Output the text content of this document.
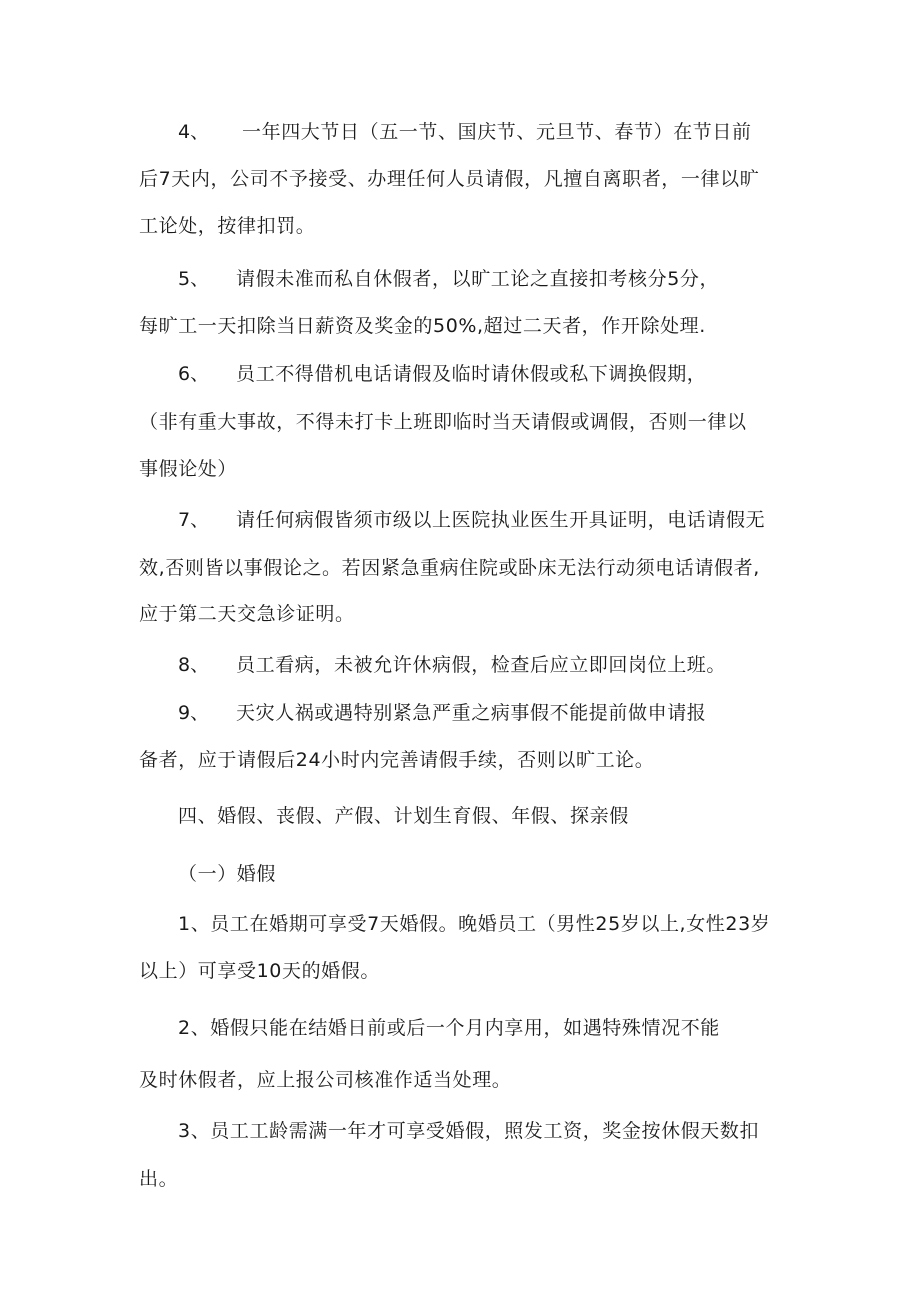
4、 一年四大节日（五一节、国庆节、元旦节、春节）在节日前
后7天内，公司不予接受、办理任何人员请假，凡擅自离职者，一律以旷
工论处，按律扣罚。
5、 请假未准而私自休假者，以旷工论之直接扣考核分5分，
每旷工一天扣除当日薪资及奖金的50%,超过二天者，作开除处理.
6、 员工不得借机电话请假及临时请休假或私下调换假期，
（非有重大事故，不得未打卡上班即临时当天请假或调假，否则一律以
事假论处）
7、 请任何病假皆须市级以上医院执业医生开具证明，电话请假无
效,否则皆以事假论之。若因紧急重病住院或卧床无法行动须电话请假者,
应于第二天交急诊证明。
8、 员工看病，未被允许休病假，检查后应立即回岗位上班。
9、 天灾人祸或遇特别紧急严重之病事假不能提前做申请报
备者，应于请假后24小时内完善请假手续，否则以旷工论。
四、婚假、丧假、产假、计划生育假、年假、探亲假
（一）婚假
1、员工在婚期可享受7天婚假。晚婚员工（男性25岁以上,女性23岁
以上）可享受10天的婚假。
2、婚假只能在结婚日前或后一个月内享用，如遇特殊情况不能
及时休假者，应上报公司核准作适当处理。
3、员工工龄需满一年才可享受婚假，照发工资，奖金按休假天数扣
出。
